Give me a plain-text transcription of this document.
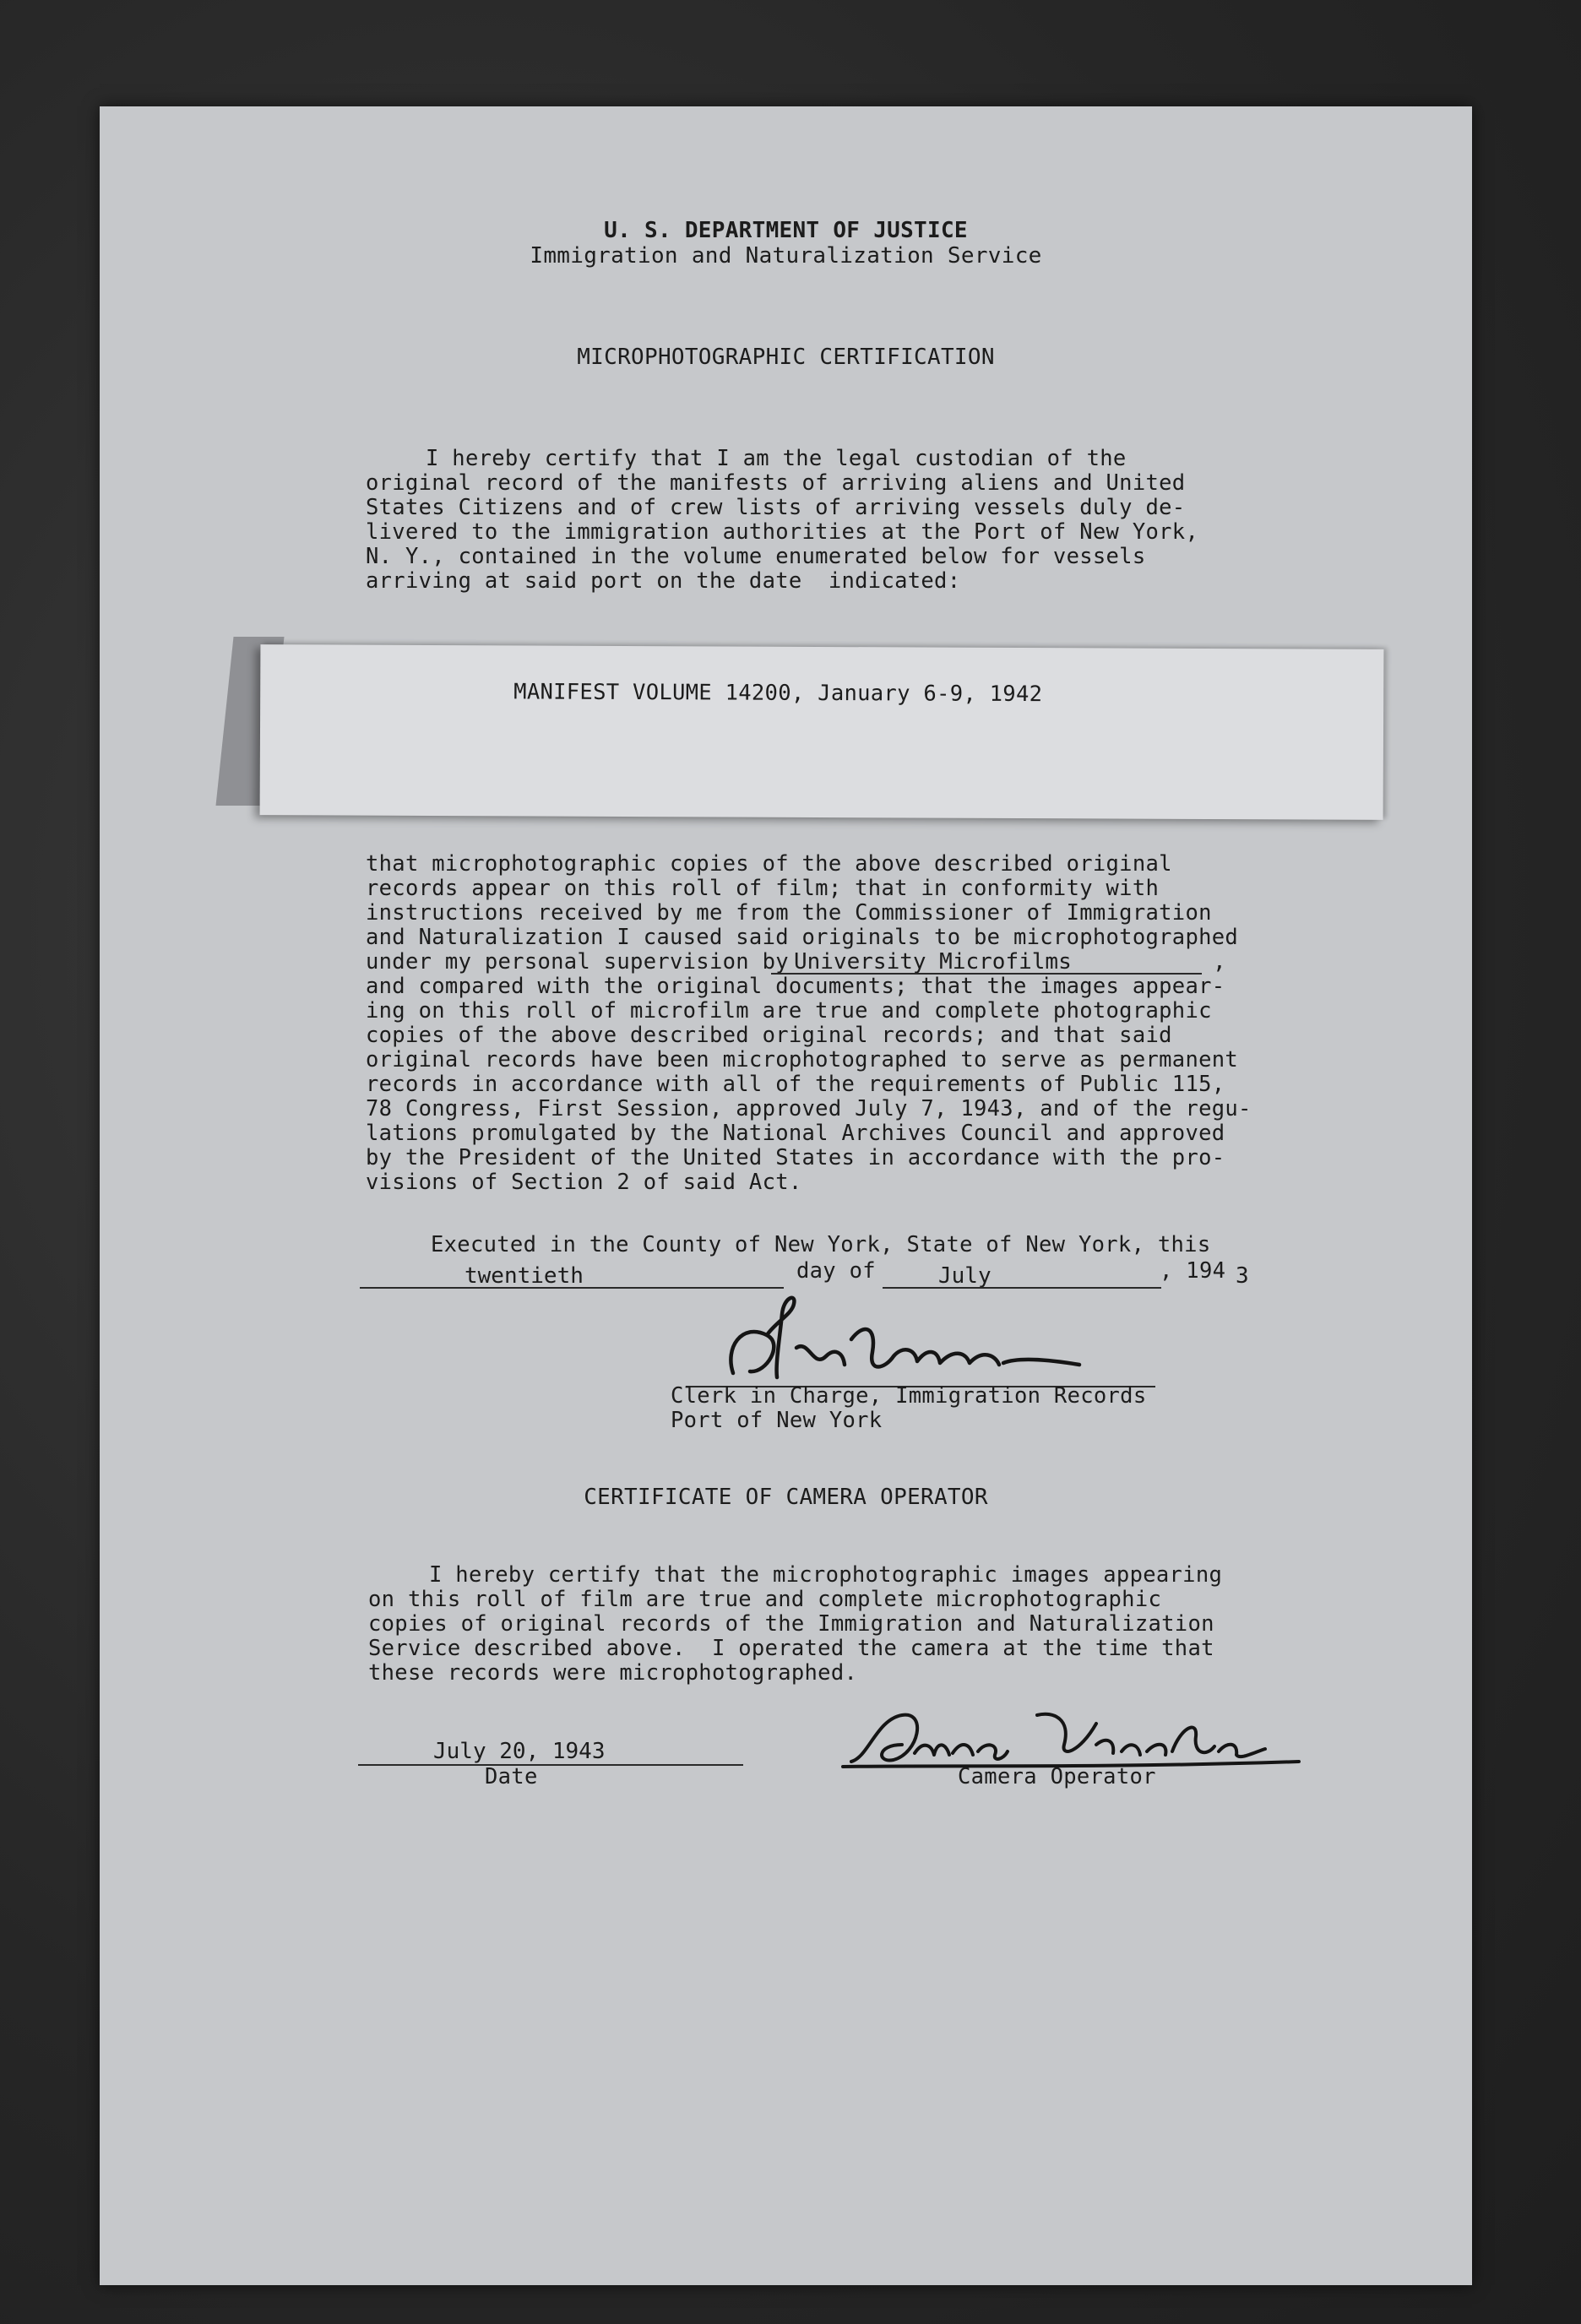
U. S. DEPARTMENT OF JUSTICE
Immigration and Naturalization Service
MICROPHOTOGRAPHIC CERTIFICATION
I hereby certify that I am the legal custodian of the
original record of the manifests of arriving aliens and United
States Citizens and of crew lists of arriving vessels duly de-
livered to the immigration authorities at the Port of New York,
N. Y., contained in the volume enumerated below for vessels
arriving at said port on the date  indicated:
MANIFEST VOLUME 14200, January 6-9, 1942
that microphotographic copies of the above described original
records appear on this roll of film; that in conformity with
instructions received by me from the Commissioner of Immigration
and Naturalization I caused said originals to be microphotographed
under my personal supervision by University Microfilms	,
and compared with the original documents; that the images appear-
ing on this roll of microfilm are true and complete photographic
copies of the above described original records; and that said
original records have been microphotographed to serve as permanent
records in accordance with all of the requirements of Public 115,
78 Congress, First Session, approved July 7, 1943, and of the regu-
lations promulgated by the National Archives Council and approved
by the President of the United States in accordance with the pro-
visions of Section 2 of said Act.
Executed in the County of New York, State of New York, this
twentieth	day of	July	, 194 3
Clerk in Charge, Immigration Records
Port of New York
CERTIFICATE OF CAMERA OPERATOR
I hereby certify that the microphotographic images appearing
on this roll of film are true and complete microphotographic
copies of original records of the Immigration and Naturalization
Service described above.  I operated the camera at the time that
these records were microphotographed.
July 20, 1943
Date	Camera Operator
